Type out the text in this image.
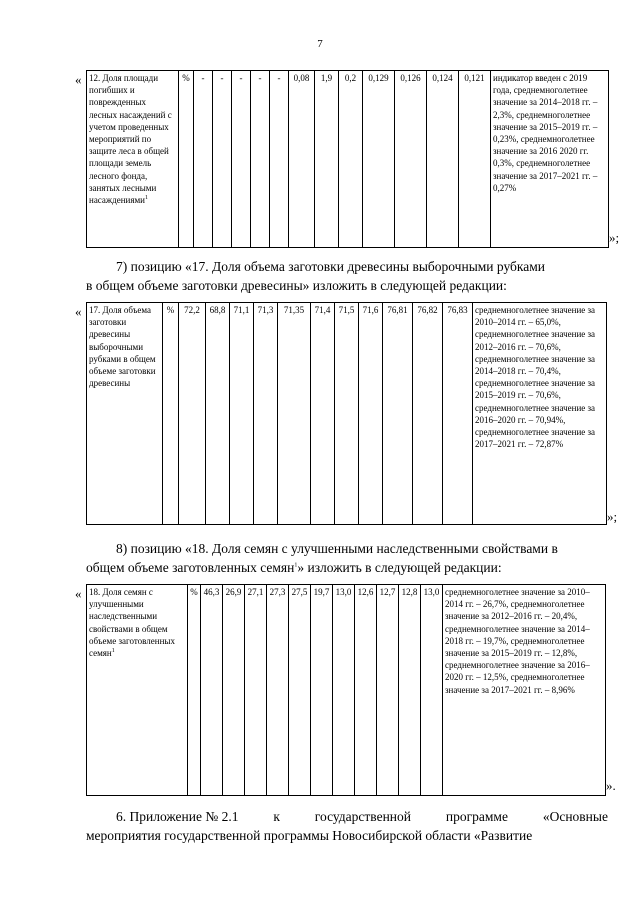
7
« 12. Доля площади погибших и поврежденных лесных насаждений с учетом проведенных мероприятий по защите леса в общей площади земель лесного фонда, занятых лесными насаждениями$^1$	%	-	-	-	-	-	0,08	1,9	0,2	0,129	0,126	0,124	0,121	индикатор введен с 2019 года, среднемноголетнее значение за 2014–2018 гг. – 2,3%, среднемноголетнее значение за 2015–2019 гг. – 0,23%, среднемноголетнее значение за 2016 2020 гг. 0,3%, среднемноголетнее значение за 2017–2021 гг. – 0,27%
»;
7) позицию «17. Доля объема заготовки древесины выборочными рубками
в общем объеме заготовки древесины» изложить в следующей редакции:
« 17. Доля объема заготовки древесины выборочными рубками в общем объеме заготовки древесины	%	72,2	68,8	71,1	71,3	71,35	71,4	71,5	71,6	76,81	76,82	76,83	среднемноголетнее значение за 2010–2014 гг. – 65,0%, среднемноголетнее значение за 2012–2016 гг. – 70,6%, среднемноголетнее значение за 2014–2018 гг. – 70,4%, среднемноголетнее значение за 2015–2019 гг. – 70,6%, среднемноголетнее значение за 2016–2020 гг. – 70,94%, среднемноголетнее значение за 2017–2021 гг. – 72,87%
»;
8) позицию «18. Доля семян с улучшенными наследственными свойствами в
общем объеме заготовленных семян$^1$» изложить в следующей редакции:
« 18. Доля семян с улучшенными наследственными свойствами в общем объеме заготовленных семян$^1$	%	46,3	26,9	27,1	27,3	27,5	19,7	13,0	12,6	12,7	12,8	13,0	среднемноголетнее значение за 2010–2014 гг. – 26,7%, среднемноголетнее значение за 2012–2016 гг. – 20,4%, среднемноголетнее значение за 2014–2018 гг. – 19,7%, среднемноголетнее значение за 2015–2019 гг. – 12,8%, среднемноголетнее значение за 2016–2020 гг. – 12,5%, среднемноголетнее значение за 2017–2021 гг. – 8,96%
».
6. Приложение № 2.1	к	государственной	программе	«Основные
мероприятия государственной программы Новосибирской области «Развитие
